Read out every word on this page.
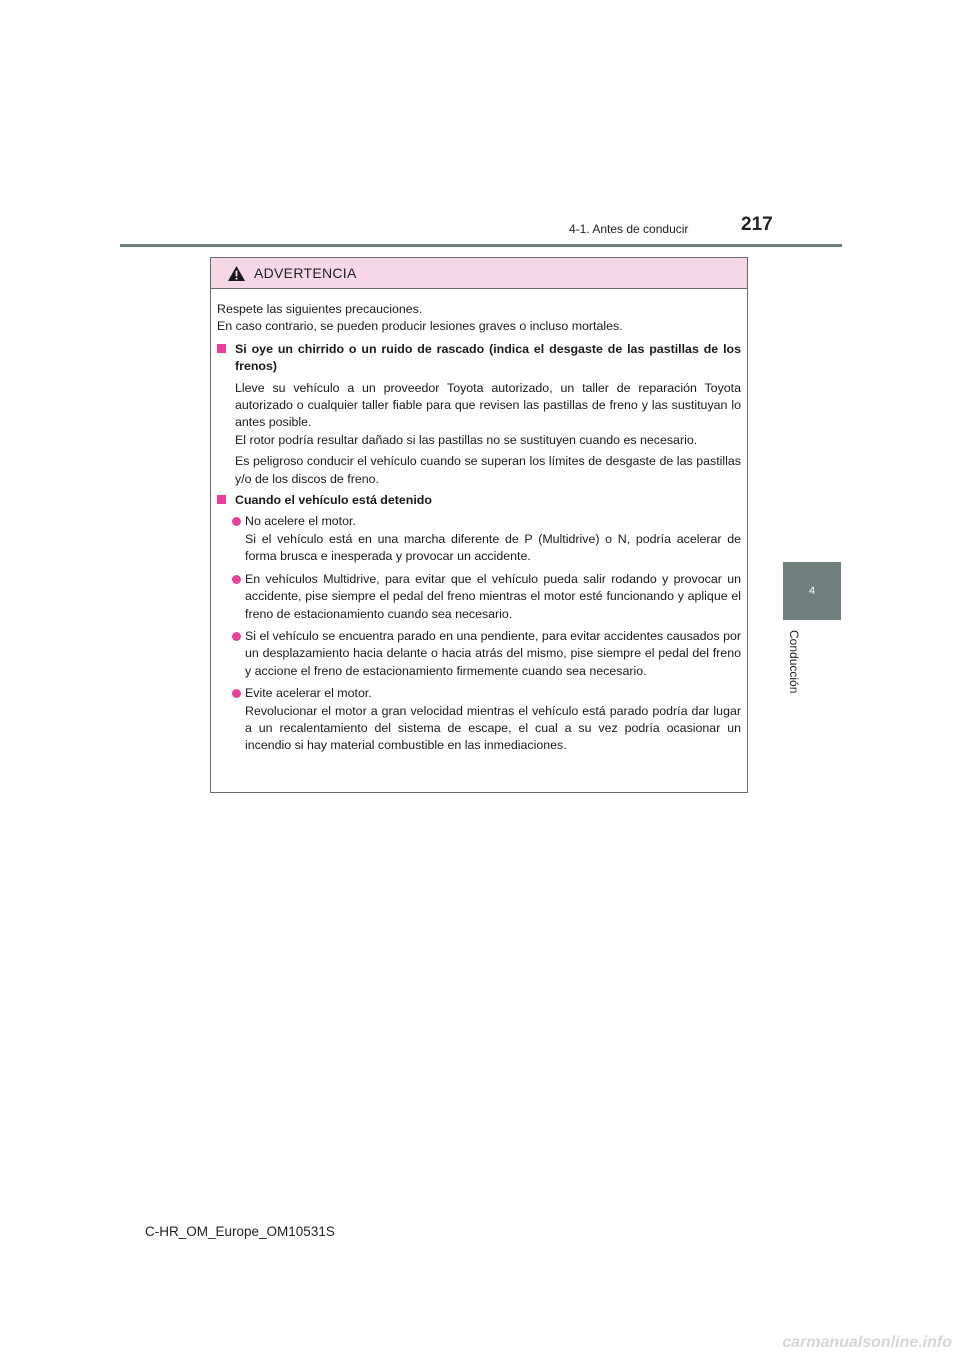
4-1. Antes de conducir	217
4
Conducción
ADVERTENCIA

Respete las siguientes precauciones.

En caso contrario, se pueden producir lesiones graves o incluso mortales.

Si oye un chirrido o un ruido de rascado (indica el desgaste de las pastillas de los frenos)

Lleve su vehículo a un proveedor Toyota autorizado, un taller de reparación Toyota autorizado o cualquier taller fiable para que revisen las pastillas de freno y las sustituyan lo antes posible.

El rotor podría resultar dañado si las pastillas no se sustituyen cuando es necesario.

Es peligroso conducir el vehículo cuando se superan los límites de desgaste de las pastillas y/o de los discos de freno.

Cuando el vehículo está detenido

No acelere el motor.

Si el vehículo está en una marcha diferente de P (Multidrive) o N, podría acelerar de forma brusca e inesperada y provocar un accidente.

En vehículos Multidrive, para evitar que el vehículo pueda salir rodando y provocar un accidente, pise siempre el pedal del freno mientras el motor esté funcionando y aplique el freno de estacionamiento cuando sea necesario.

Si el vehículo se encuentra parado en una pendiente, para evitar accidentes causados por un desplazamiento hacia delante o hacia atrás del mismo, pise siempre el pedal del freno y accione el freno de estacionamiento firmemente cuando sea necesario.

Evite acelerar el motor.

Revolucionar el motor a gran velocidad mientras el vehículo está parado podría dar lugar a un recalentamiento del sistema de escape, el cual a su vez podría ocasionar un incendio si hay material combustible en las inmediaciones.

C-HR_OM_Europe_OM10531S
carmanualsonline.info
